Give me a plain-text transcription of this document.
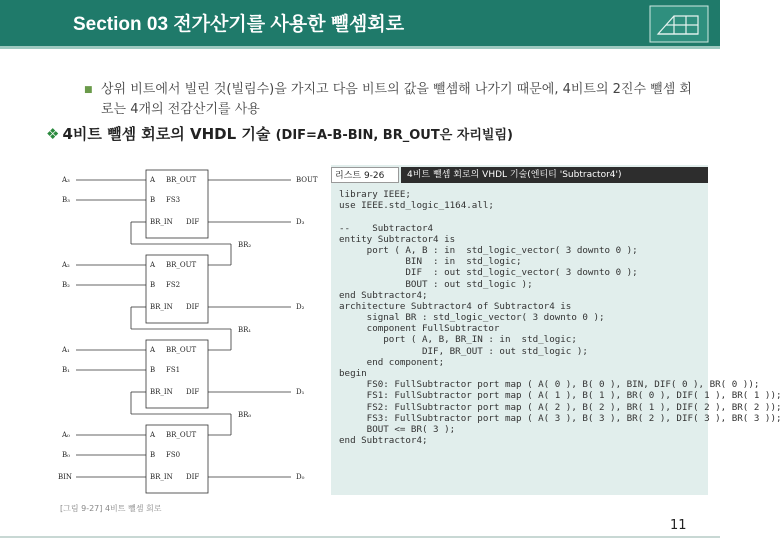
Section 03 전가산기를 사용한 뺄셈회로
■ 상위 비트에서 빌린 것(빌림수)을 가지고 다음 비트의 값을 뺄셈해 나가기 때문에, 4비트의 2진수 뺄셈 회로는 4개의 전감산기를 사용
❖ 4비트 뺄셈 회로의 VHDL 기술 (DIF=A-B-BIN, BR_OUT은 자리빌림)
A BR_OUT
B FS3
BR_IN DIF
A₃
B₃
D₃
BR₂
A BR_OUT
B FS2
BR_IN DIF
A₂
B₂
D₂
BR₁
A BR_OUT
B FS1
BR_IN DIF
A₁
B₁
D₁
BR₀
A BR_OUT
B FS0
BR_IN DIF
A₀
B₀
D₀
BIN
BOUT
[그림 9-27] 4비트 뺄셈 회로
리스트 9-26	4비트 뺄셈 회로의 VHDL 기술(엔티티 'Subtractor4')
library IEEE;
use IEEE.std_logic_1164.all;

--    Subtractor4
entity Subtractor4 is
port ( A, B : in  std_logic_vector( 3 downto 0 );
BIN  : in  std_logic;
DIF  : out std_logic_vector( 3 downto 0 );
BOUT : out std_logic );
end Subtractor4;
architecture Subtractor4 of Subtractor4 is
signal BR : std_logic_vector( 3 downto 0 );
component FullSubtractor
port ( A, B, BR_IN : in  std_logic;
DIF, BR_OUT : out std_logic );
end component;
begin
FS0: FullSubtractor port map ( A( 0 ), B( 0 ), BIN, DIF( 0 ), BR( 0 ));
FS1: FullSubtractor port map ( A( 1 ), B( 1 ), BR( 0 ), DIF( 1 ), BR( 1 ));
FS2: FullSubtractor port map ( A( 2 ), B( 2 ), BR( 1 ), DIF( 2 ), BR( 2 ));
FS3: FullSubtractor port map ( A( 3 ), B( 3 ), BR( 2 ), DIF( 3 ), BR( 3 ));
BOUT <= BR( 3 );
end Subtractor4;
11
